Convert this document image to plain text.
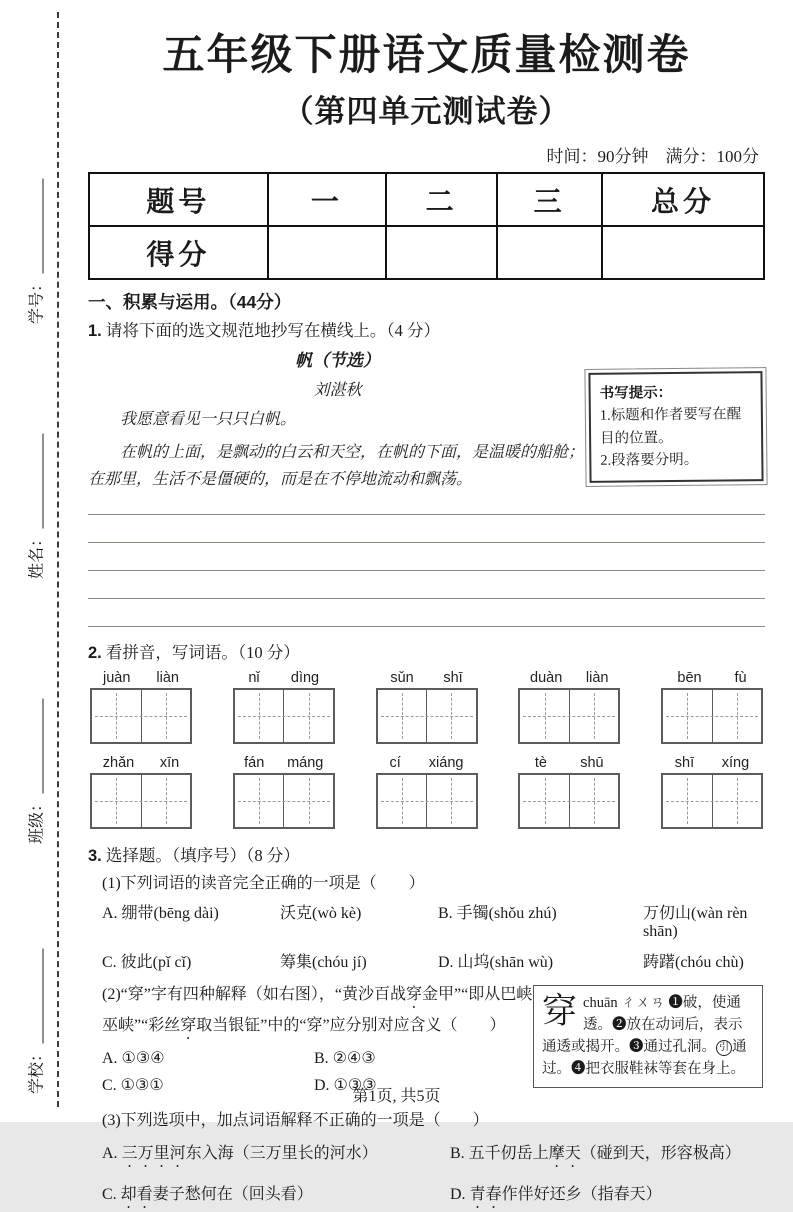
学号：
姓名：
班级：
学校：
五年级下册语文质量检测卷
（第四单元测试卷）
时间：90分钟　满分：100分
题号	一	二	三	总分
得分				
一、积累与运用。（44分）
1. 请将下面的选文规范地抄写在横线上。（4 分）
帆（节选）
刘湛秋

我愿意看见一只只白帆。

在帆的上面，是飘动的白云和天空，在帆的下面，是温暖的船舱；在那里，生活不是僵硬的，而是在不停地流动和飘荡。

书写提示：
1.标题和作者要写在醒目的位置。
2.段落要分明。
2. 看拼音，写词语。（10 分）
juàn liàn	nǐ dìng	sǔn shī	duàn liàn	bēn fù
zhǎn xīn	fán máng	cí xiáng	tè shū	shī xíng
3. 选择题。（填序号）（8 分）
(1)下列词语的读音完全正确的一项是（　　）
A. 绷带(bēng dài)	沃克(wò kè)	B. 手镯(shǒu zhú)	万仞山(wàn rèn shān)
C. 彼此(pǐ cǐ)	筹集(chóu jí)	D. 山坞(shān wù)	踌躇(chóu chù)
(2)“穿”字有四种解释（如右图），“黄沙百战穿金甲”“即从巴峡巫峡”“彩丝穿取当银钲”中的“穿”应分别对应含义（　　）
A. ①③④	B. ②④③
C. ①③①	D. ①③③
穿 chuān ㄔㄨㄢ ❶破，使通透。❷放在动词后，表示通透或揭开。❸通过孔洞。 引 通过。❹把衣服鞋袜等套在身上。
(3)下列选项中，加点词语解释不正确的一项是（　　）
A. 三万里河东入海（三万里长的河水）	B. 五千仞岳上摩天（碰到天，形容极高）
C. 却看妻子愁何在（回头看）	D. 青春作伴好还乡（指春天）
第1页, 共5页
